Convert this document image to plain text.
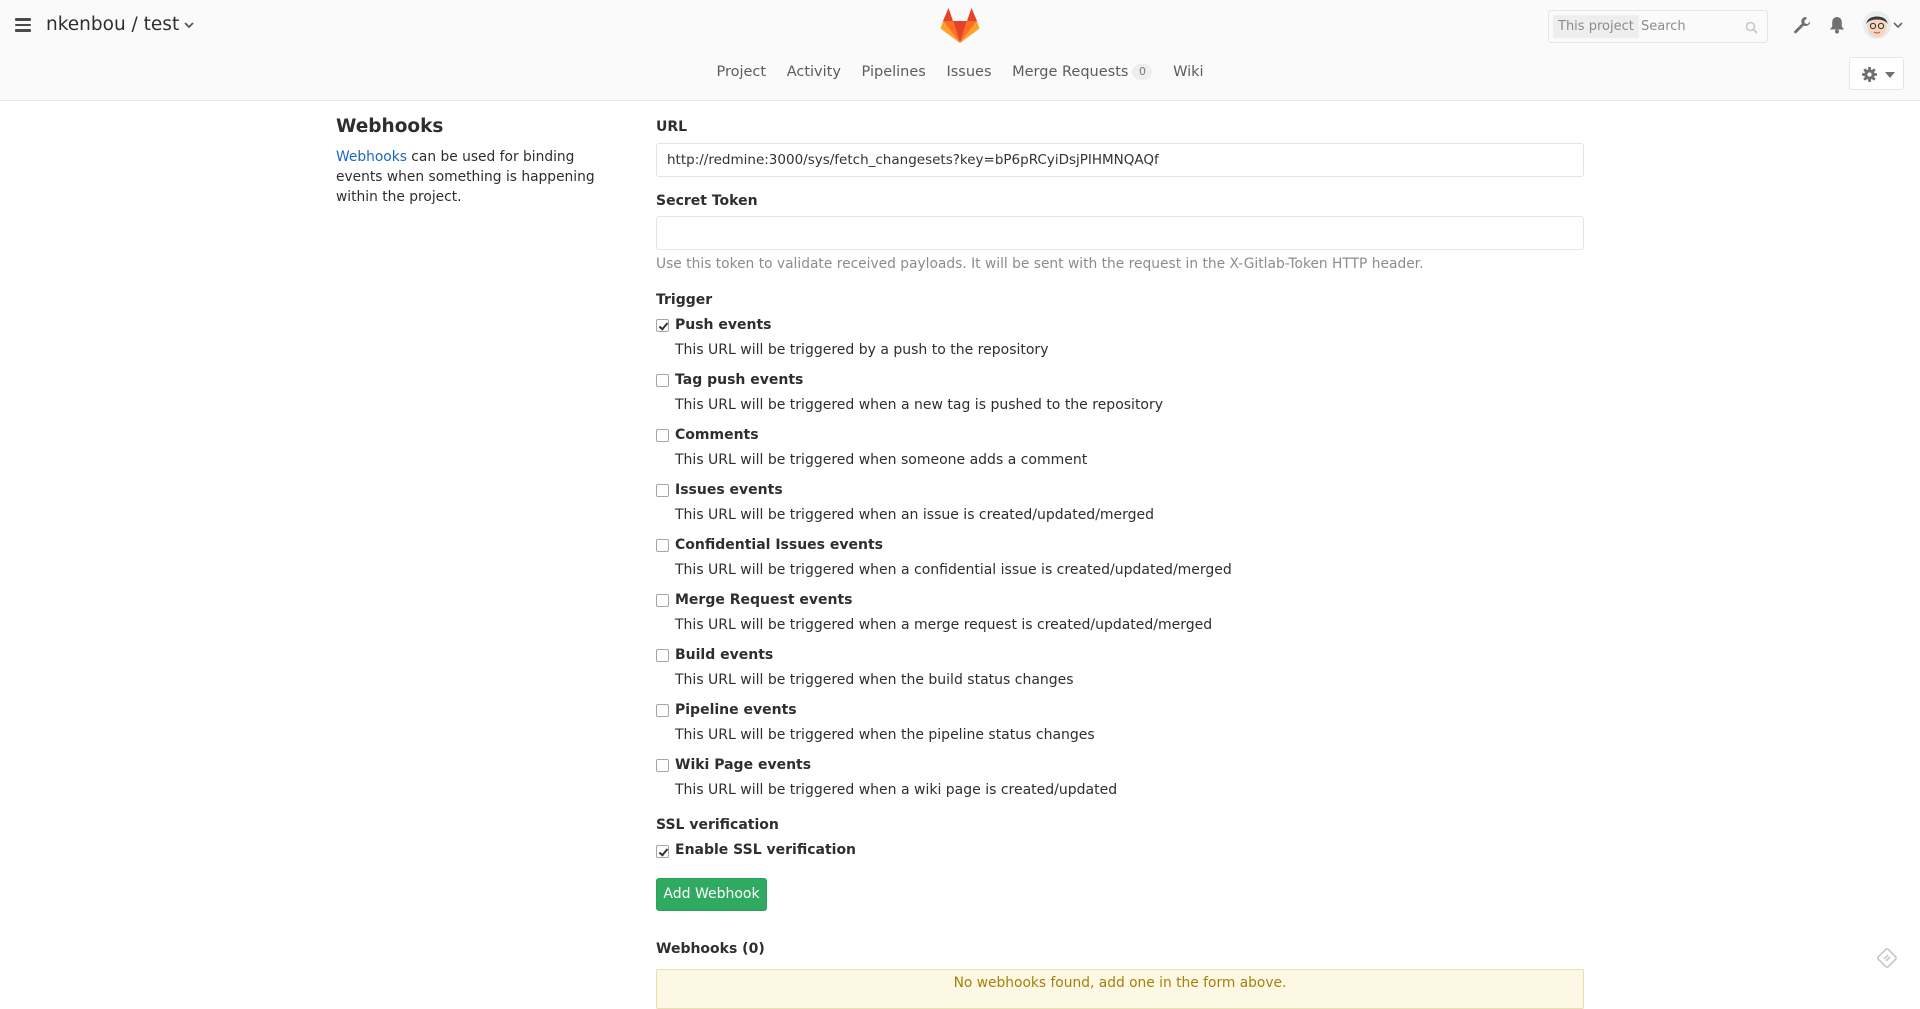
nkenbou / test	This project Search
Project Activity Pipelines Issues Merge Requests 0 Wiki
Webhooks
Webhooks can be used for binding events when something is happening within the project.
URL
http://redmine:3000/sys/fetch_changesets?key=bP6pRCyiDsjPIHMNQAQf
Secret Token
Use this token to validate received payloads. It will be sent with the request in the X-Gitlab-Token HTTP header.
Trigger
Push events
This URL will be triggered by a push to the repository
Tag push events
This URL will be triggered when a new tag is pushed to the repository
Comments
This URL will be triggered when someone adds a comment
Issues events
This URL will be triggered when an issue is created/updated/merged
Confidential Issues events
This URL will be triggered when a confidential issue is created/updated/merged
Merge Request events
This URL will be triggered when a merge request is created/updated/merged
Build events
This URL will be triggered when the build status changes
Pipeline events
This URL will be triggered when the pipeline status changes
Wiki Page events
This URL will be triggered when a wiki page is created/updated
SSL verification
Enable SSL verification
Add Webhook
Webhooks (0)
No webhooks found, add one in the form above.
